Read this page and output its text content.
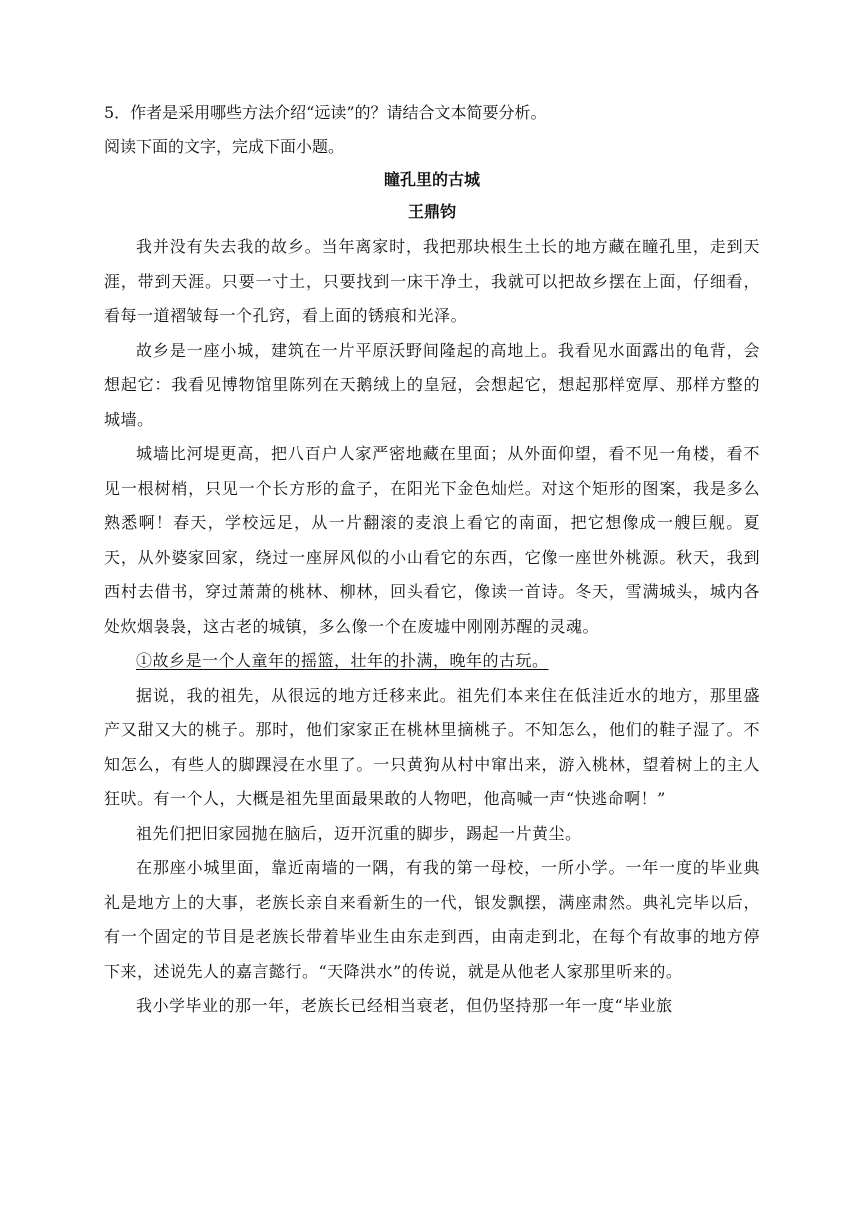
5．作者是采用哪些方法介绍“远读”的？请结合文本简要分析。

阅读下面的文字，完成下面小题。

瞳孔里的古城

王鼎钧

我并没有失去我的故乡。当年离家时，我把那块根生土长的地方藏在瞳孔里，走到天涯，带到天涯。只要一寸土，只要找到一床干净土，我就可以把故乡摆在上面，仔细看，看每一道褶皱每一个孔窍，看上面的锈痕和光泽。

故乡是一座小城，建筑在一片平原沃野间隆起的高地上。我看见水面露出的龟背，会想起它：我看见博物馆里陈列在天鹅绒上的皇冠，会想起它，想起那样宽厚、那样方整的城墙。

城墙比河堤更高，把八百户人家严密地藏在里面；从外面仰望，看不见一角楼，看不见一根树梢，只见一个长方形的盒子，在阳光下金色灿烂。对这个矩形的图案，我是多么熟悉啊！春天，学校远足，从一片翻滚的麦浪上看它的南面，把它想像成一艘巨舰。夏天，从外婆家回家，绕过一座屏风似的小山看它的东西，它像一座世外桃源。秋天，我到西村去借书，穿过萧萧的桃林、柳林，回头看它，像读一首诗。冬天，雪满城头，城内各处炊烟袅袅，这古老的城镇，多么像一个在废墟中刚刚苏醒的灵魂。

①故乡是一个人童年的摇篮，壮年的扑满，晚年的古玩。

据说，我的祖先，从很远的地方迁移来此。祖先们本来住在低洼近水的地方，那里盛产又甜又大的桃子。那时，他们家家正在桃林里摘桃子。不知怎么，他们的鞋子湿了。不知怎么，有些人的脚踝浸在水里了。一只黄狗从村中窜出来，游入桃林，望着树上的主人狂吠。有一个人，大概是祖先里面最果敢的人物吧，他高喊一声“快逃命啊！”

祖先们把旧家园抛在脑后，迈开沉重的脚步，踢起一片黄尘。

在那座小城里面，靠近南墙的一隅，有我的第一母校，一所小学。一年一度的毕业典礼是地方上的大事，老族长亲自来看新生的一代，银发飘摆，满座肃然。典礼完毕以后，有一个固定的节目是老族长带着毕业生由东走到西，由南走到北，在每个有故事的地方停下来，述说先人的嘉言懿行。“天降洪水”的传说，就是从他老人家那里听来的。

我小学毕业的那一年，老族长已经相当衰老，但仍坚持那一年一度“毕业旅
